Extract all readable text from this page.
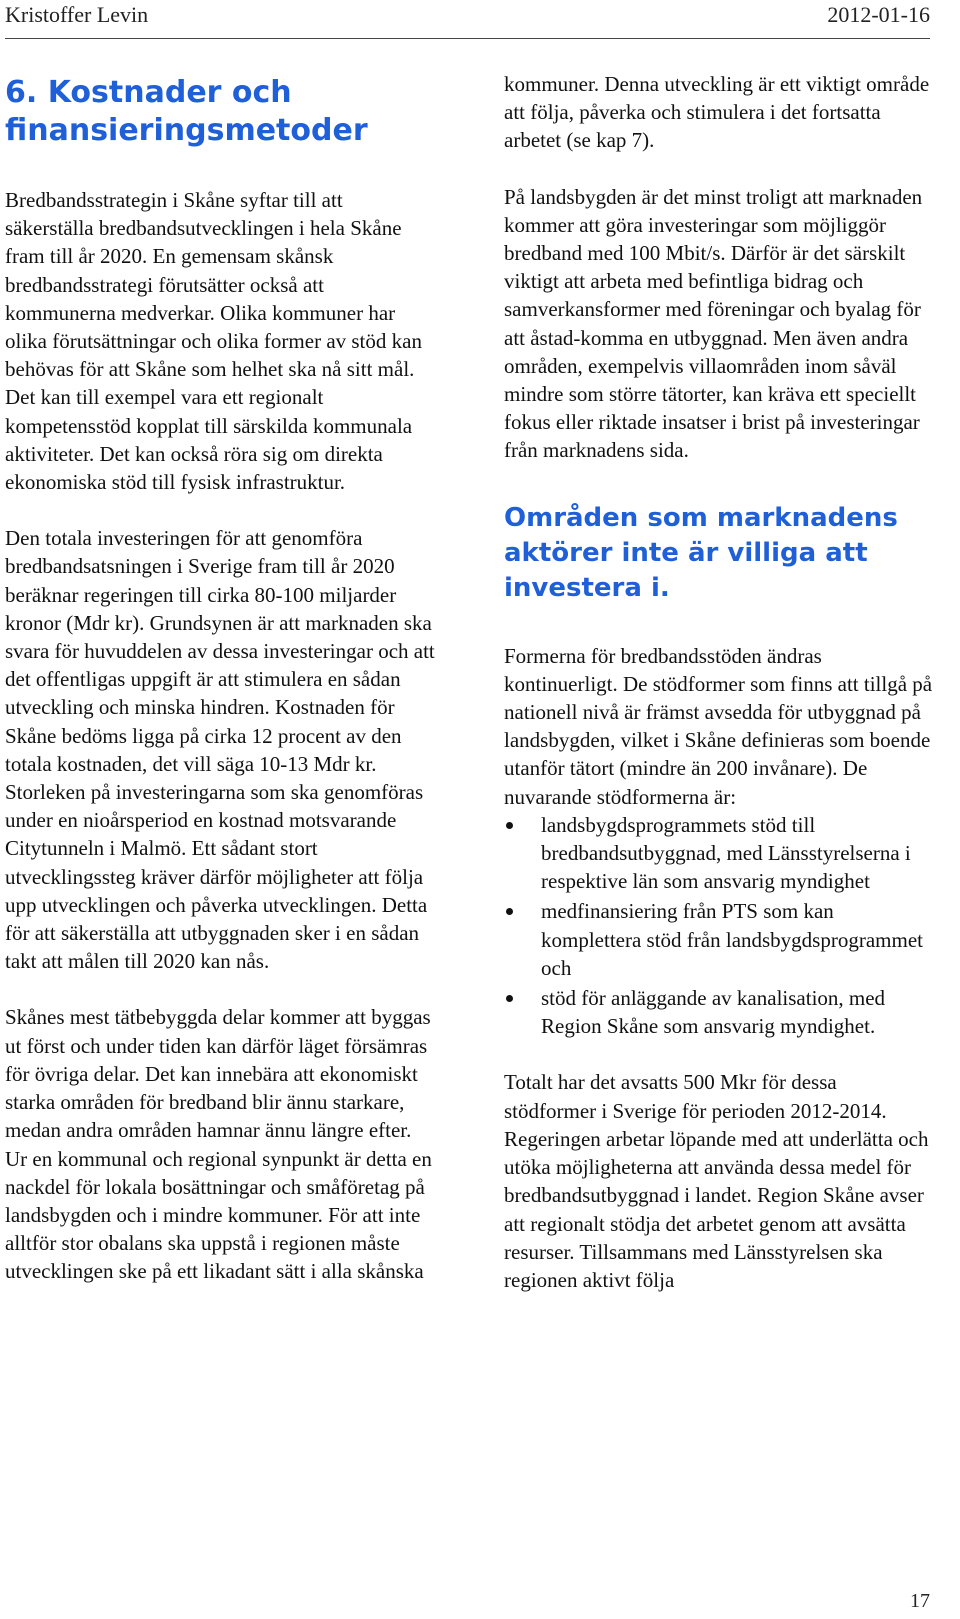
Kristoffer Levin	2012-01-16
6. Kostnader och
finansieringsmetoder

Bredbandsstrategin i Skåne syftar till att säkerställa bredbandsutvecklingen i hela Skåne fram till år 2020. En gemensam skånsk bredbandsstrategi förutsätter också att kommunerna medverkar. Olika kommuner har olika förutsättningar och olika former av stöd kan behövas för att Skåne som helhet ska nå sitt mål. Det kan till exempel vara ett regionalt kompetensstöd kopplat till särskilda kommunala aktiviteter. Det kan också röra sig om direkta ekonomiska stöd till fysisk infrastruktur.

Den totala investeringen för att genomföra bredbandsatsningen i Sverige fram till år 2020 beräknar regeringen till cirka 80-100 miljarder kronor (Mdr kr). Grundsynen är att marknaden ska svara för huvuddelen av dessa investeringar och att det offentligas uppgift är att stimulera en sådan utveckling och minska hindren. Kostnaden för Skåne bedöms ligga på cirka 12 procent av den totala kostnaden, det vill säga 10-13 Mdr kr. Storleken på investeringarna som ska genomföras under en nioårsperiod en kostnad motsvarande Citytunneln i Malmö. Ett sådant stort utvecklingssteg kräver därför möjligheter att följa upp utvecklingen och påverka utvecklingen. Detta för att säkerställa att utbyggnaden sker i en sådan takt att målen till 2020 kan nås.

Skånes mest tätbebyggda delar kommer att byggas ut först och under tiden kan därför läget försämras för övriga delar. Det kan innebära att ekonomiskt starka områden för bredband blir ännu starkare, medan andra områden hamnar ännu längre efter. Ur en kommunal och regional synpunkt är detta en nackdel för lokala bosättningar och småföretag på landsbygden och i mindre kommuner. För att inte alltför stor obalans ska uppstå i regionen måste utvecklingen ske på ett likadant sätt i alla skånska

kommuner. Denna utveckling är ett viktigt område att följa, påverka och stimulera i det fortsatta arbetet (se kap 7).

På landsbygden är det minst troligt att marknaden kommer att göra investeringar som möjliggör bredband med 100 Mbit/s. Därför är det särskilt viktigt att arbeta med befintliga bidrag och samverkansformer med föreningar och byalag för att åstad-komma en utbyggnad. Men även andra områden, exempelvis villaområden inom såväl mindre som större tätorter, kan kräva ett speciellt fokus eller riktade insatser i brist på investeringar från marknadens sida.

Områden som marknadens aktörer inte är villiga att investera i.

Formerna för bredbandsstöden ändras kontinuerligt. De stödformer som finns att tillgå på nationell nivå är främst avsedda för utbyggnad på landsbygden, vilket i Skåne definieras som boende utanför tätort (mindre än 200 invånare). De nuvarande stödformerna är:

landsbygdsprogrammets stöd till bredbandsutbyggnad, med Länsstyrelserna i respektive län som ansvarig myndighet
medfinansiering från PTS som kan komplettera stöd från landsbygdsprogrammet och
stöd för anläggande av kanalisation, med Region Skåne som ansvarig myndighet.

Totalt har det avsatts 500 Mkr för dessa stödformer i Sverige för perioden 2012-2014. Regeringen arbetar löpande med att underlätta och utöka möjligheterna att använda dessa medel för bredbandsutbyggnad i landet. Region Skåne avser att regionalt stödja det arbetet genom att avsätta resurser. Tillsammans med Länsstyrelsen ska regionen aktivt följa

17
